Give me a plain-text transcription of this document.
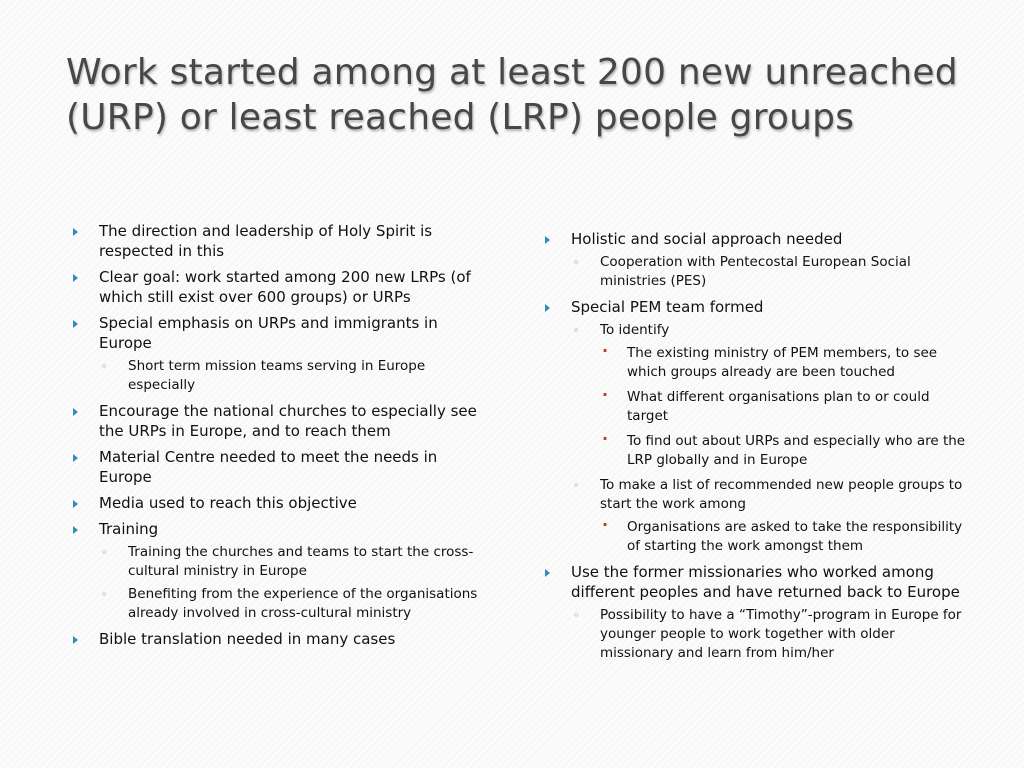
Work started among at least 200 new unreached (URP) or least reached (LRP) people groups
The direction and leadership of Holy Spirit is respected in this
Clear goal: work started among 200 new LRPs (of which still exist over 600 groups) or URPs
Special emphasis on URPs and immigrants in Europe
◦ Short term mission teams serving in Europe especially
Encourage the national churches to especially see the URPs in Europe, and to reach them
Material Centre needed to meet the needs in Europe
Media used to reach this objective
Training
◦ Training the churches and teams to start the cross-cultural ministry in Europe
◦ Benefiting from the experience of the organisations already involved in cross-cultural ministry
Bible translation needed in many cases
Holistic and social approach needed
◦ Cooperation with Pentecostal European Social ministries (PES)
Special PEM team formed
◦ To identify
· The existing ministry of PEM members, to see which groups already are been touched
· What different organisations plan to or could target
· To find out about URPs and especially who are the LRP globally and in Europe
◦ To make a list of recommended new people groups to start the work among
· Organisations are asked to take the responsibility of starting the work amongst them
Use the former missionaries who worked among different peoples and have returned back to Europe
◦ Possibility to have a “Timothy”-program in Europe for younger people to work together with older missionary and learn from him/her
